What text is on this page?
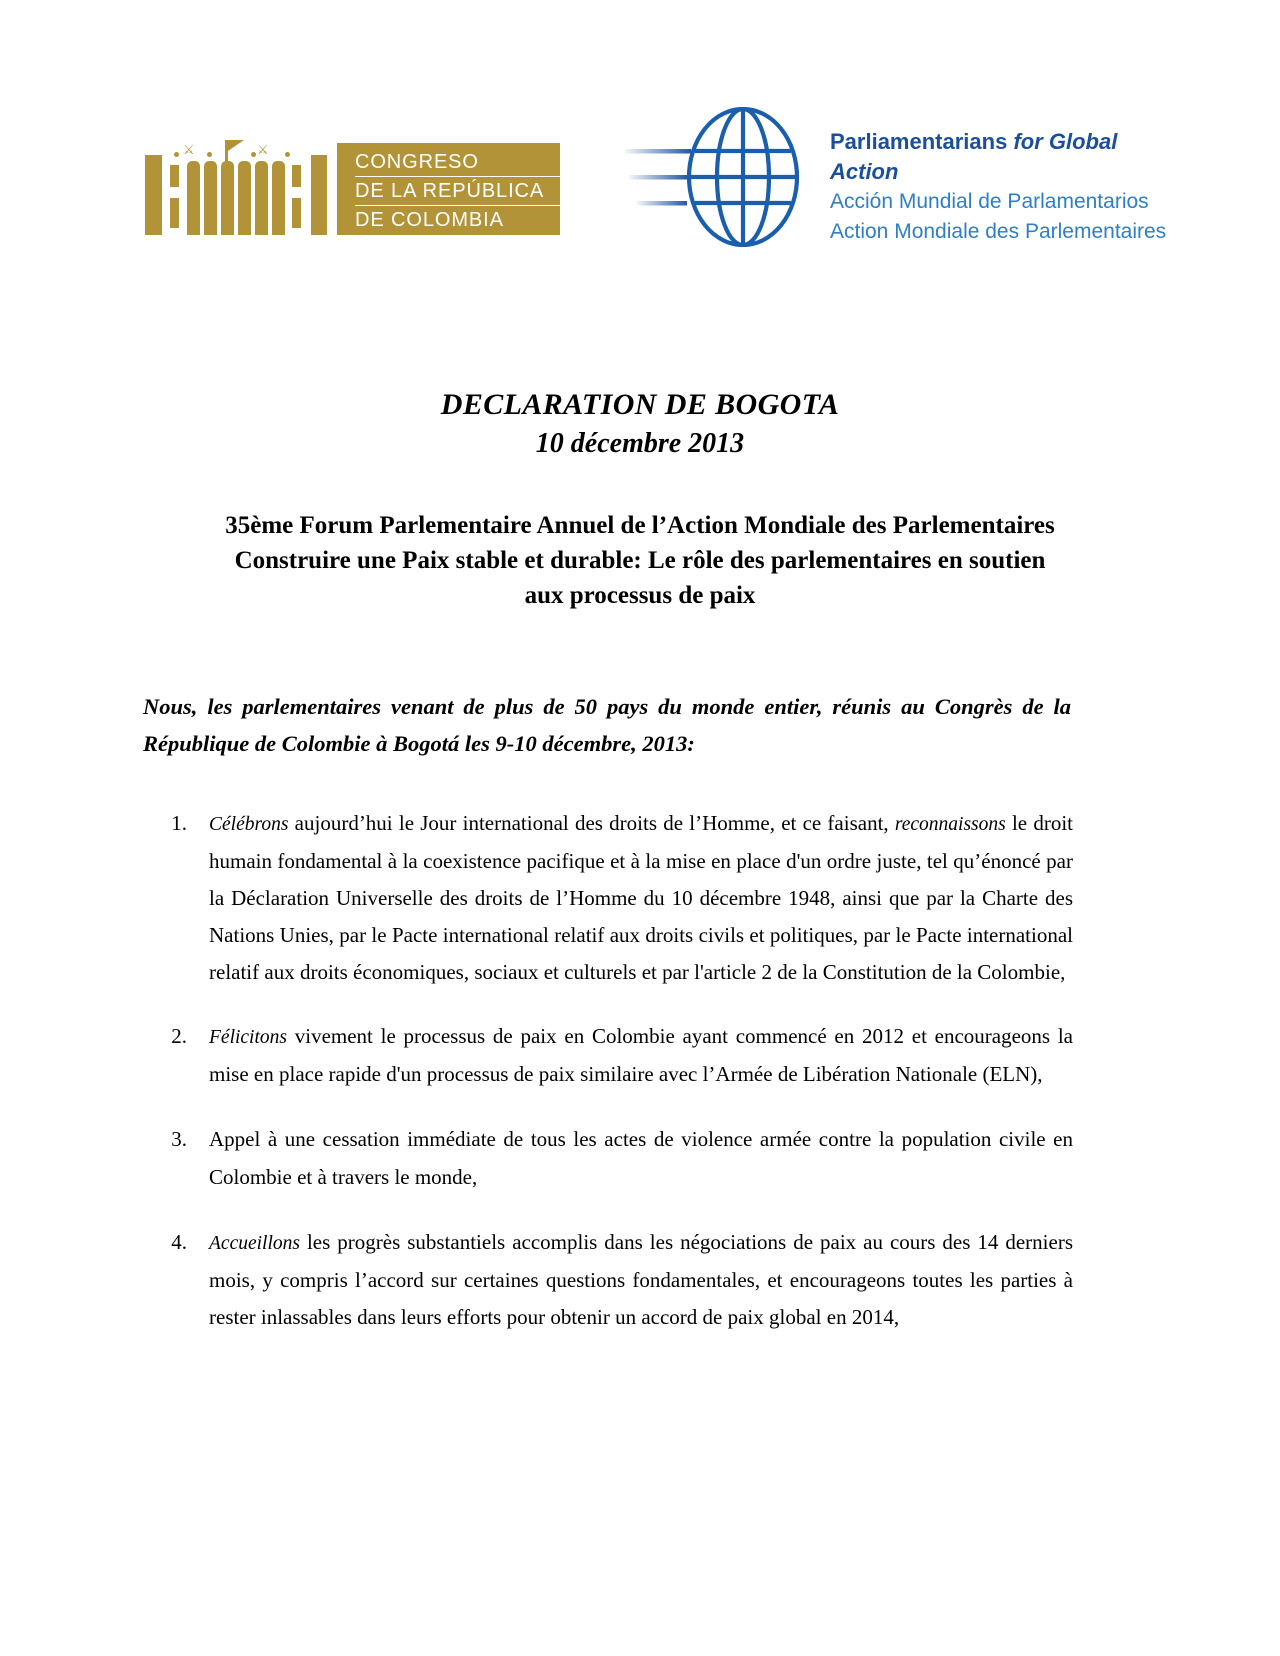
⚔	⚔
CONGRESO
DE LA REPÚBLICA
DE COLOMBIA
Parliamentarians for Global Action
Acción Mundial de Parlamentarios
Action Mondiale des Parlementaires
DECLARATION DE BOGOTA
10 décembre 2013
35ème Forum Parlementaire Annuel de l’Action Mondiale des Parlementaires
Construire une Paix stable et durable: Le rôle des parlementaires en soutien
aux processus de paix
Nous, les parlementaires venant de plus de 50 pays du monde entier, réunis au Congrès de la République de Colombie à Bogotá les 9-10 décembre, 2013:
1.	Célébrons aujourd’hui le Jour international des droits de l’Homme, et ce faisant, reconnaissons le droit humain fondamental à la coexistence pacifique et à la mise en place d'un ordre juste, tel qu’énoncé par la Déclaration Universelle des droits de l’Homme du 10 décembre 1948, ainsi que par la Charte des Nations Unies, par le Pacte international relatif aux droits civils et politiques, par le Pacte international relatif aux droits économiques, sociaux et culturels et par l'article 2 de la Constitution de la Colombie,
2.	Félicitons vivement le processus de paix en Colombie ayant commencé en 2012 et encourageons la mise en place rapide d'un processus de paix similaire avec l’Armée de Libération Nationale (ELN),
3.	Appel à une cessation immédiate de tous les actes de violence armée contre la population civile en Colombie et à travers le monde,
4.	Accueillons les progrès substantiels accomplis dans les négociations de paix au cours des 14 derniers mois, y compris l’accord sur certaines questions fondamentales, et encourageons toutes les parties à rester inlassables dans leurs efforts pour obtenir un accord de paix global en 2014,
